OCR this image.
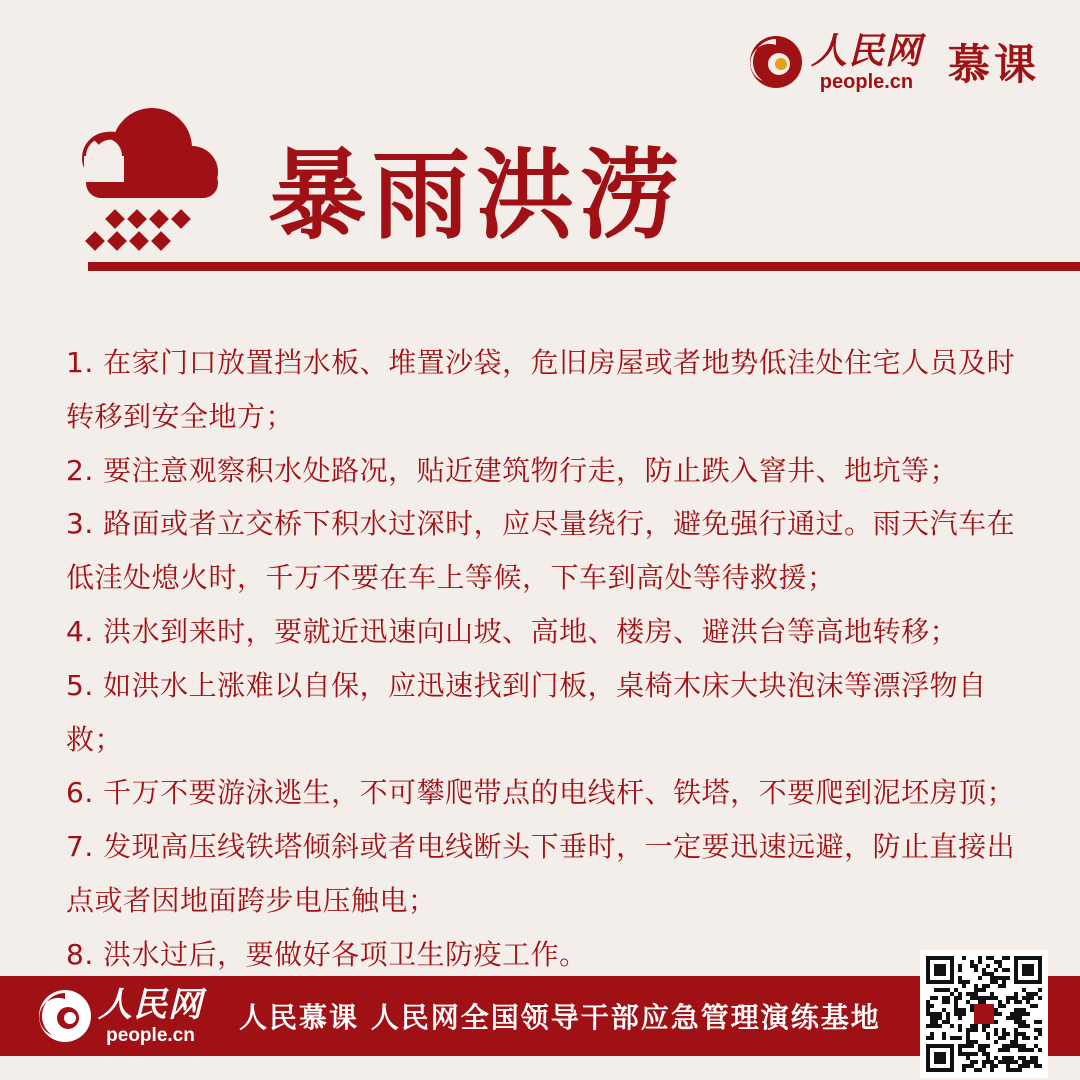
人民网
people.cn 慕课
暴雨洪涝
1. 在家门口放置挡水板、堆置沙袋，危旧房屋或者地势低洼处住宅人员及时转移到安全地方；
2. 要注意观察积水处路况，贴近建筑物行走，防止跌入窨井、地坑等；
3. 路面或者立交桥下积水过深时，应尽量绕行，避免强行通过。雨天汽车在低洼处熄火时，千万不要在车上等候，下车到高处等待救援；
4. 洪水到来时，要就近迅速向山坡、高地、楼房、避洪台等高地转移；
5. 如洪水上涨难以自保，应迅速找到门板，桌椅木床大块泡沫等漂浮物自救；
6. 千万不要游泳逃生，不可攀爬带点的电线杆、铁塔，不要爬到泥坯房顶；
7. 发现高压线铁塔倾斜或者电线断头下垂时，一定要迅速远避，防止直接出点或者因地面跨步电压触电；
8. 洪水过后，要做好各项卫生防疫工作。
人民网
people.cn
人民慕课 人民网全国领导干部应急管理演练基地
